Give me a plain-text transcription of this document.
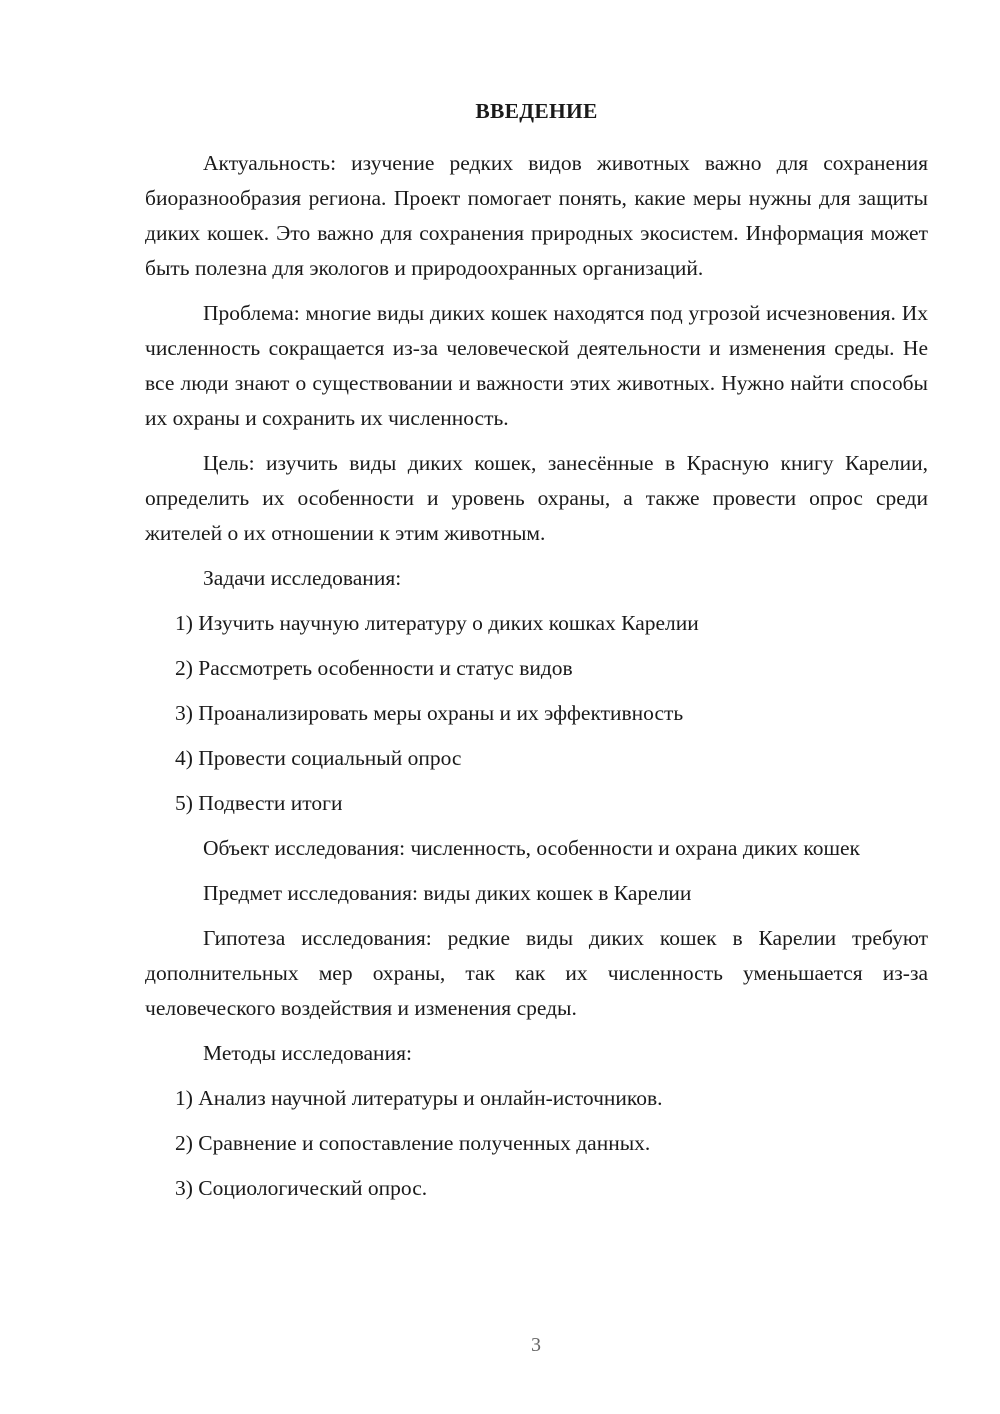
ВВЕДЕНИЕ

Актуальность: изучение редких видов животных важно для сохранения биоразнообразия региона. Проект помогает понять, какие меры нужны для защиты диких кошек. Это важно для сохранения природных экосистем. Информация может быть полезна для экологов и природоохранных организаций.

Проблема: многие виды диких кошек находятся под угрозой исчезновения. Их численность сокращается из-за человеческой деятельности и изменения среды. Не все люди знают о существовании и важности этих животных. Нужно найти способы их охраны и сохранить их численность.

Цель: изучить виды диких кошек, занесённые в Красную книгу Карелии, определить их особенности и уровень охраны, а также провести опрос среди жителей о их отношении к этим животным.

Задачи исследования:

1) Изучить научную литературу о диких кошках Карелии

2) Рассмотреть особенности и статус видов

3) Проанализировать меры охраны и их эффективность

4) Провести социальный опрос

5) Подвести итоги

Объект исследования: численность, особенности и охрана диких кошек

Предмет исследования: виды диких кошек в Карелии

Гипотеза исследования: редкие виды диких кошек в Карелии требуют дополнительных мер охраны, так как их численность уменьшается из-за человеческого воздействия и изменения среды.

Методы исследования:

1) Анализ научной литературы и онлайн-источников.

2) Сравнение и сопоставление полученных данных.

3) Социологический опрос.

3
